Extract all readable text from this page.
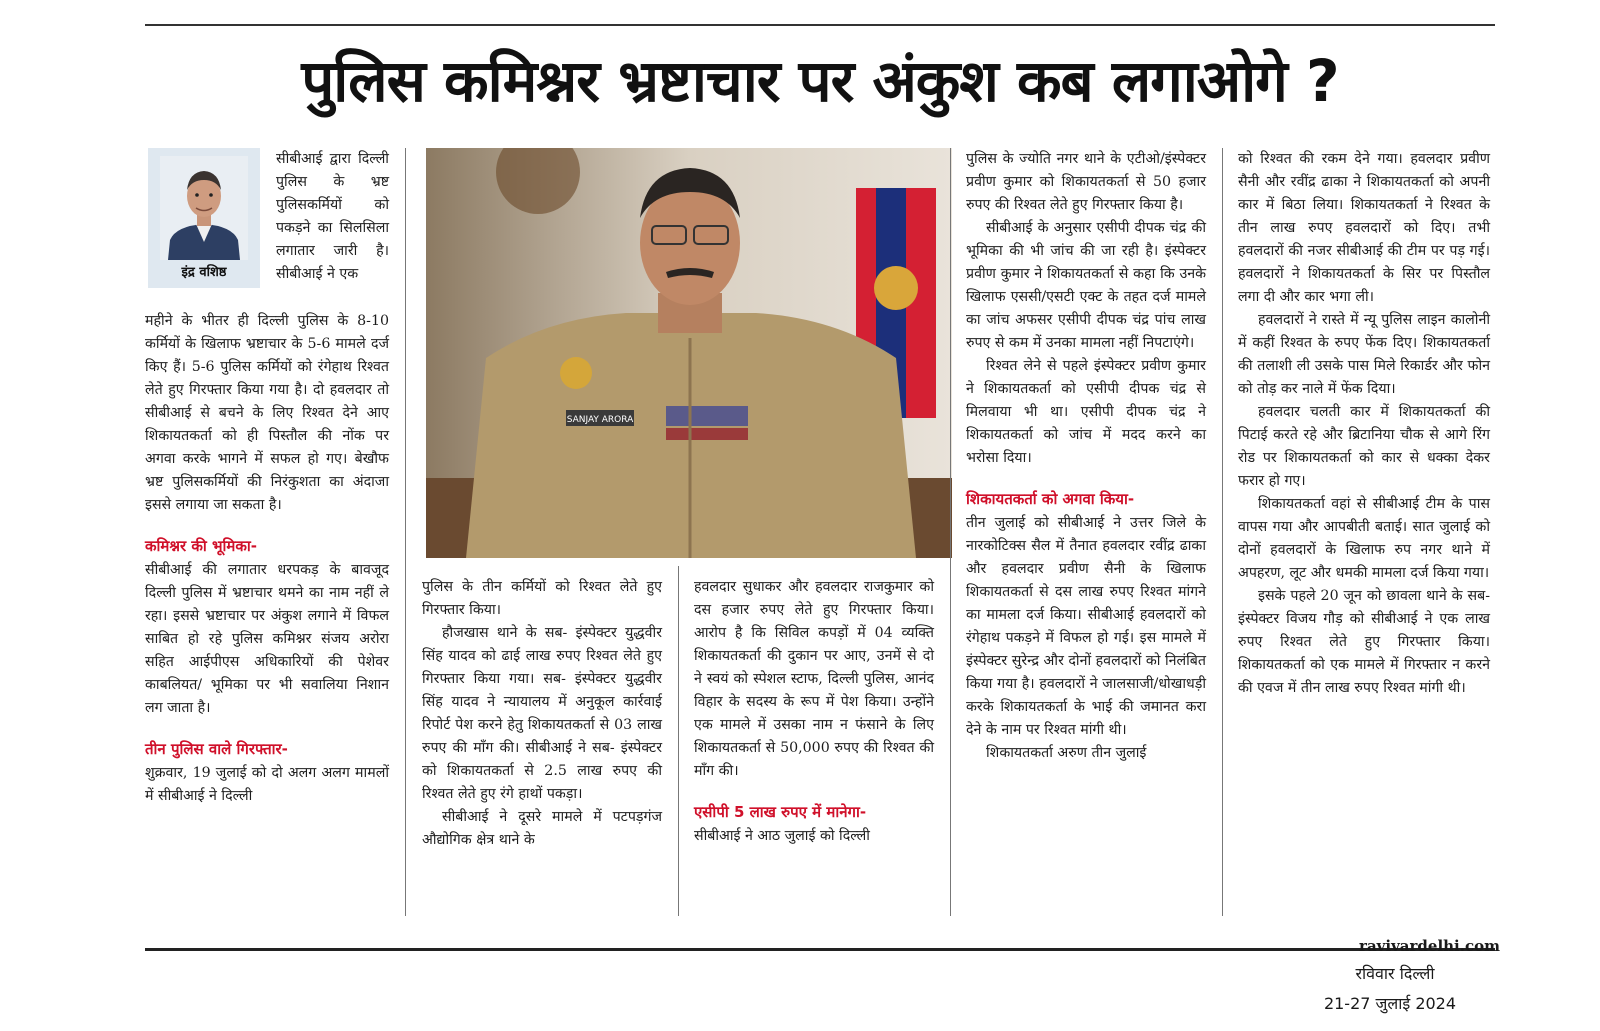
पुलिस कमिश्नर भ्रष्टाचार पर अंकुश कब लगाओगे ?
इंद्र वशिष्ठ

सीबीआई द्वारा दिल्ली पुलिस के भ्रष्ट पुलिसकर्मियों को पकड़ने का सिलसिला लगातार जारी है। सीबीआई ने एक

महीने के भीतर ही दिल्ली पुलिस के 8-10 कर्मियों के खिलाफ भ्रष्टाचार के 5-6 मामले दर्ज किए हैं। 5-6 पुलिस कर्मियों को रंगेहाथ रिश्वत लेते हुए गिरफ्तार किया गया है। दो हवलदार तो सीबीआई से बचने के लिए रिश्वत देने आए शिकायतकर्ता को ही पिस्तौल की नोंक पर अगवा करके भागने में सफल हो गए। बेखौफ भ्रष्ट पुलिसकर्मियों की निरंकुशता का अंदाजा इससे लगाया जा सकता है।

कमिश्नर की भूमिका-

सीबीआई की लगातार धरपकड़ के बावजूद दिल्ली पुलिस में भ्रष्टाचार थमने का नाम नहीं ले रहा। इससे भ्रष्टाचार पर अंकुश लगाने में विफल साबित हो रहे पुलिस कमिश्नर संजय अरोरा सहित आईपीएस अधिकारियों की पेशेवर काबलियत/ भूमिका पर भी सवालिया निशान लग जाता है।

तीन पुलिस वाले गिरफ्तार-

शुक्रवार, 19 जुलाई को दो अलग अलग मामलों में सीबीआई ने दिल्ली

SANJAY ARORA

पुलिस के तीन कर्मियों को रिश्वत लेते हुए गिरफ्तार किया।

हौजखास थाने के सब- इंस्पेक्टर युद्धवीर सिंह यादव को ढाई लाख रुपए रिश्वत लेते हुए गिरफ्तार किया गया। सब- इंस्पेक्टर युद्धवीर सिंह यादव ने न्यायालय में अनुकूल कार्रवाई रिपोर्ट पेश करने हेतु शिकायतकर्ता से 03 लाख रुपए की माँग की। सीबीआई ने सब- इंस्पेक्टर को शिकायतकर्ता से 2.5 लाख रुपए की रिश्वत लेते हुए रंगे हाथों पकड़ा।

सीबीआई ने दूसरे मामले में पटपड़गंज औद्योगिक क्षेत्र थाने के

हवलदार सुधाकर और हवलदार राजकुमार को दस हजार रुपए लेते हुए गिरफ्तार किया। आरोप है कि सिविल कपड़ों में 04 व्यक्ति शिकायतकर्ता की दुकान पर आए, उनमें से दो ने स्वयं को स्पेशल स्टाफ, दिल्ली पुलिस, आनंद विहार के सदस्य के रूप में पेश किया। उन्होंने एक मामले में उसका नाम न फंसाने के लिए शिकायतकर्ता से 50,000 रुपए की रिश्वत की माँग की।

एसीपी 5 लाख रुपए में मानेगा-

सीबीआई ने आठ जुलाई को दिल्ली

पुलिस के ज्योति नगर थाने के एटीओ/इंस्पेक्टर प्रवीण कुमार को शिकायतकर्ता से 50 हजार रुपए की रिश्वत लेते हुए गिरफ्तार किया है।

सीबीआई के अनुसार एसीपी दीपक चंद्र की भूमिका की भी जांच की जा रही है। इंस्पेक्टर प्रवीण कुमार ने शिकायतकर्ता से कहा कि उनके खिलाफ एससी/एसटी एक्ट के तहत दर्ज मामले का जांच अफसर एसीपी दीपक चंद्र पांच लाख रुपए से कम में उनका मामला नहीं निपटाएंगे।

रिश्वत लेने से पहले इंस्पेक्टर प्रवीण कुमार ने शिकायतकर्ता को एसीपी दीपक चंद्र से मिलवाया भी था। एसीपी दीपक चंद्र ने शिकायतकर्ता को जांच में मदद करने का भरोसा दिया।

शिकायतकर्ता को अगवा किया-

तीन जुलाई को सीबीआई ने उत्तर जिले के नारकोटिक्स सैल में तैनात हवलदार रवींद्र ढाका और हवलदार प्रवीण सैनी के खिलाफ शिकायतकर्ता से दस लाख रुपए रिश्वत मांगने का मामला दर्ज किया। सीबीआई हवलदारों को रंगेहाथ पकड़ने में विफल हो गई। इस मामले में इंस्पेक्टर सुरेन्द्र और दोनों हवलदारों को निलंबित किया गया है। हवलदारों ने जालसाजी/धोखाधड़ी करके शिकायतकर्ता के भाई की जमानत करा देने के नाम पर रिश्वत मांगी थी।

शिकायतकर्ता अरुण तीन जुलाई

को रिश्वत की रकम देने गया। हवलदार प्रवीण सैनी और रवींद्र ढाका ने शिकायतकर्ता को अपनी कार में बिठा लिया। शिकायतकर्ता ने रिश्वत के तीन लाख रुपए हवलदारों को दिए। तभी हवलदारों की नजर सीबीआई की टीम पर पड़ गई। हवलदारों ने शिकायतकर्ता के सिर पर पिस्तौल लगा दी और कार भगा ली।

हवलदारों ने रास्ते में न्यू पुलिस लाइन कालोनी में कहीं रिश्वत के रुपए फेंक दिए। शिकायतकर्ता की तलाशी ली उसके पास मिले रिकार्डर और फोन को तोड़ कर नाले में फेंक दिया।

हवलदार चलती कार में शिकायतकर्ता की पिटाई करते रहे और ब्रिटानिया चौक से आगे रिंग रोड पर शिकायतकर्ता को कार से धक्का देकर फरार हो गए।

शिकायतकर्ता वहां से सीबीआई टीम के पास वापस गया और आपबीती बताई। सात जुलाई को दोनों हवलदारों के खिलाफ रुप नगर थाने में अपहरण, लूट और धमकी मामला दर्ज किया गया।

इसके पहले 20 जून को छावला थाने के सब- इंस्पेक्टर विजय गौड़ को सीबीआई ने एक लाख रुपए रिश्वत लेते हुए गिरफ्तार किया। शिकायतकर्ता को एक मामले में गिरफ्तार न करने की एवज में तीन लाख रुपए रिश्वत मांगी थी।

ravivardelhi.com
रविवार दिल्ली
21-27 जुलाई 2024
